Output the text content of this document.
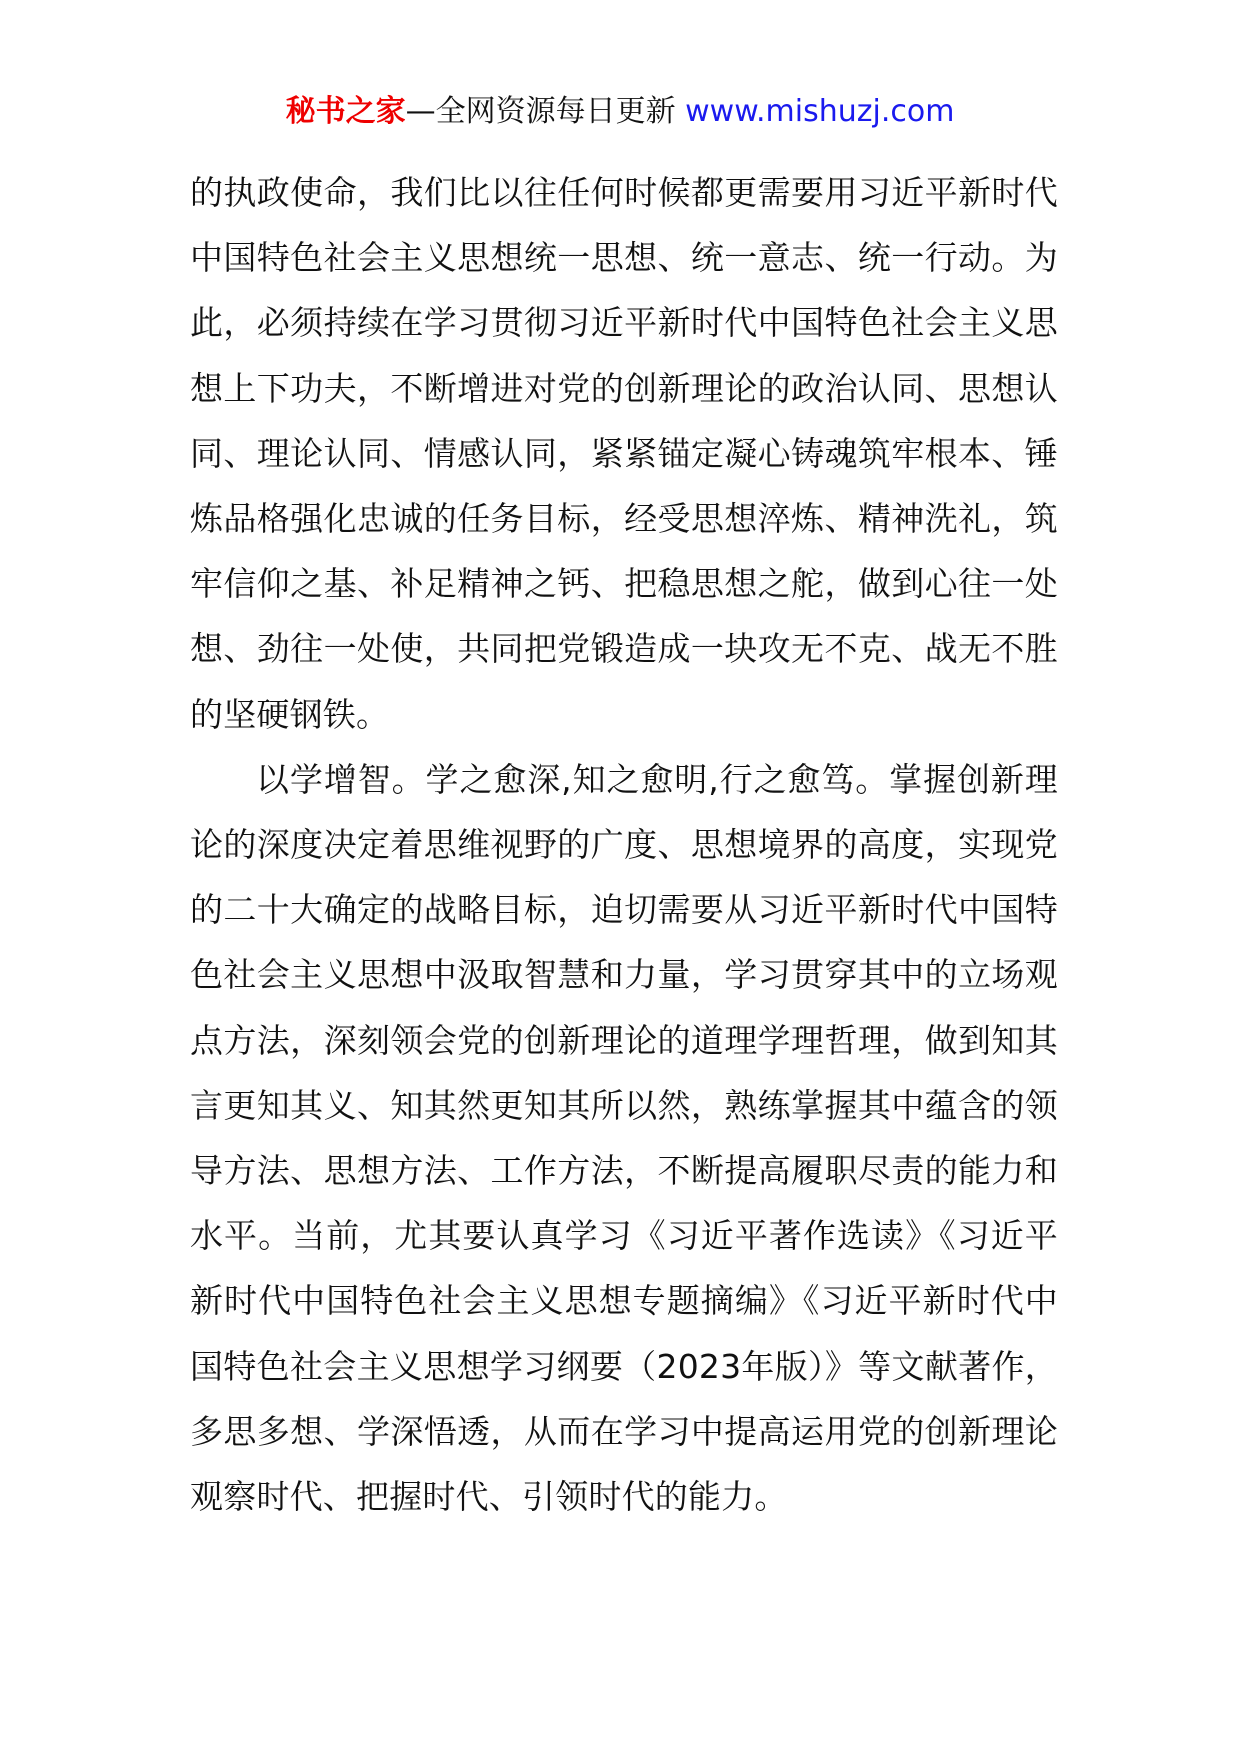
秘书之家—全网资源每日更新 www.mishuzj.com

的执政使命，我们比以往任何时候都更需要用习近平新时代中国特色社会主义思想统一思想、统一意志、统一行动。为此，必须持续在学习贯彻习近平新时代中国特色社会主义思想上下功夫，不断增进对党的创新理论的政治认同、思想认同、理论认同、情感认同，紧紧锚定凝心铸魂筑牢根本、锤炼品格强化忠诚的任务目标，经受思想淬炼、精神洗礼，筑牢信仰之基、补足精神之钙、把稳思想之舵，做到心往一处想、劲往一处使，共同把党锻造成一块攻无不克、战无不胜的坚硬钢铁。

以学增智。学之愈深,知之愈明,行之愈笃。掌握创新理论的深度决定着思维视野的广度、思想境界的高度，实现党的二十大确定的战略目标，迫切需要从习近平新时代中国特色社会主义思想中汲取智慧和力量，学习贯穿其中的立场观点方法，深刻领会党的创新理论的道理学理哲理，做到知其言更知其义、知其然更知其所以然，熟练掌握其中蕴含的领导方法、思想方法、工作方法，不断提高履职尽责的能力和水平。当前，尤其要认真学习《习近平著作选读》《习近平新时代中国特色社会主义思想专题摘编》《习近平新时代中国特色社会主义思想学习纲要（2023年版）》等文献著作，多思多想、学深悟透，从而在学习中提高运用党的创新理论观察时代、把握时代、引领时代的能力。
